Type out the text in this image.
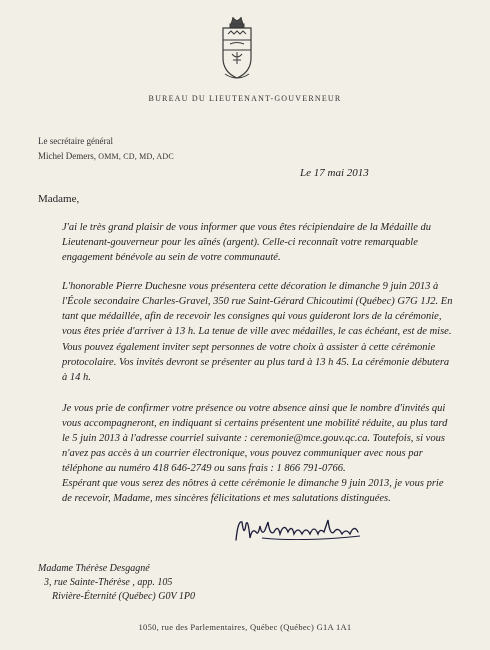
BUREAU DU LIEUTENANT-GOUVERNEUR
Le secrétaire général
Michel Demers, OMM, CD, MD, ADC
Le 17 mai 2013
Madame,

J'ai le très grand plaisir de vous informer que vous êtes récipiendaire de la Médaille du Lieutenant-gouverneur pour les aînés (argent). Celle-ci reconnaît votre remarquable engagement bénévole au sein de votre communauté.

L'honorable Pierre Duchesne vous présentera cette décoration le dimanche 9 juin 2013 à l'École secondaire Charles-Gravel, 350 rue Saint-Gérard Chicoutimi (Québec) G7G 1J2. En tant que médaillée, afin de recevoir les consignes qui vous guideront lors de la cérémonie, vous êtes priée d'arriver à 13 h. La tenue de ville avec médailles, le cas échéant, est de mise.

Vous pouvez également inviter sept personnes de votre choix à assister à cette cérémonie protocolaire. Vos invités devront se présenter au plus tard à 13 h 45. La cérémonie débutera à 14 h.

Je vous prie de confirmer votre présence ou votre absence ainsi que le nombre d'invités qui vous accompagneront, en indiquant si certains présentent une mobilité réduite, au plus tard le 5 juin 2013 à l'adresse courriel suivante : ceremonie@mce.gouv.qc.ca. Toutefois, si vous n'avez pas accès à un courrier électronique, vous pouvez communiquer avec nous par téléphone au numéro 418 646-2749 ou sans frais : 1 866 791-0766.

Espérant que vous serez des nôtres à cette cérémonie le dimanche 9 juin 2013, je vous prie de recevoir, Madame, mes sincères félicitations et mes salutations distinguées.

Madame Thérèse Desgagné
3, rue Sainte-Thérèse , app. 105
Rivière-Éternité (Québec) G0V 1P0
1050, rue des Parlementaires, Québec (Québec) G1A 1A1
